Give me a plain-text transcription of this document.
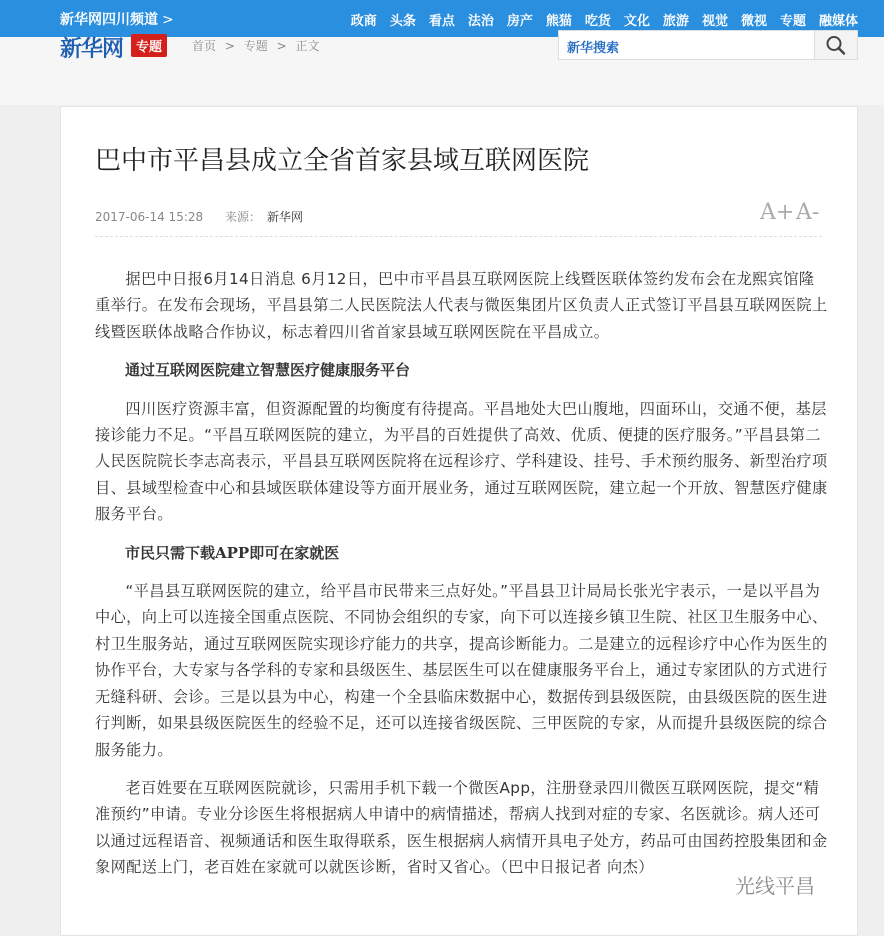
新华网四川频道 >	政商 头条 看点 法治 房产 熊猫 吃货 文化 旅游 视觉 微视 专题 融媒体
新华网 专题	首页 > 专题 > 正文	新华搜索
巴中市平昌县成立全省首家县域互联网医院
2017-06-14 15:28 来源： 新华网	A+ A-

据巴中日报6月14日消息 6月12日，巴中市平昌县互联网医院上线暨医联体签约发布会在龙熙宾馆隆重举行。在发布会现场，平昌县第二人民医院法人代表与微医集团片区负责人正式签订平昌县互联网医院上线暨医联体战略合作协议，标志着四川省首家县域互联网医院在平昌成立。

通过互联网医院建立智慧医疗健康服务平台

四川医疗资源丰富，但资源配置的均衡度有待提高。平昌地处大巴山腹地，四面环山，交通不便，基层接诊能力不足。“平昌互联网医院的建立，为平昌的百姓提供了高效、优质、便捷的医疗服务。”平昌县第二人民医院院长李志高表示，平昌县互联网医院将在远程诊疗、学科建设、挂号、手术预约服务、新型治疗项目、县域型检查中心和县域医联体建设等方面开展业务，通过互联网医院，建立起一个开放、智慧医疗健康服务平台。

市民只需下载APP即可在家就医

“平昌县互联网医院的建立，给平昌市民带来三点好处。”平昌县卫计局局长张光宇表示，一是以平昌为中心，向上可以连接全国重点医院、不同协会组织的专家，向下可以连接乡镇卫生院、社区卫生服务中心、村卫生服务站，通过互联网医院实现诊疗能力的共享，提高诊断能力。二是建立的远程诊疗中心作为医生的协作平台，大专家与各学科的专家和县级医生、基层医生可以在健康服务平台上，通过专家团队的方式进行无缝科研、会诊。三是以县为中心，构建一个全县临床数据中心，数据传到县级医院，由县级医院的医生进行判断，如果县级医院医生的经验不足，还可以连接省级医院、三甲医院的专家，从而提升县级医院的综合服务能力。

老百姓要在互联网医院就诊，只需用手机下载一个微医App，注册登录四川微医互联网医院，提交“精准预约”申请。专业分诊医生将根据病人申请中的病情描述，帮病人找到对症的专家、名医就诊。病人还可以通过远程语音、视频通话和医生取得联系，医生根据病人病情开具电子处方，药品可由国药控股集团和金象网配送上门，老百姓在家就可以就医诊断，省时又省心。（巴中日报记者 向杰）

光线平昌
